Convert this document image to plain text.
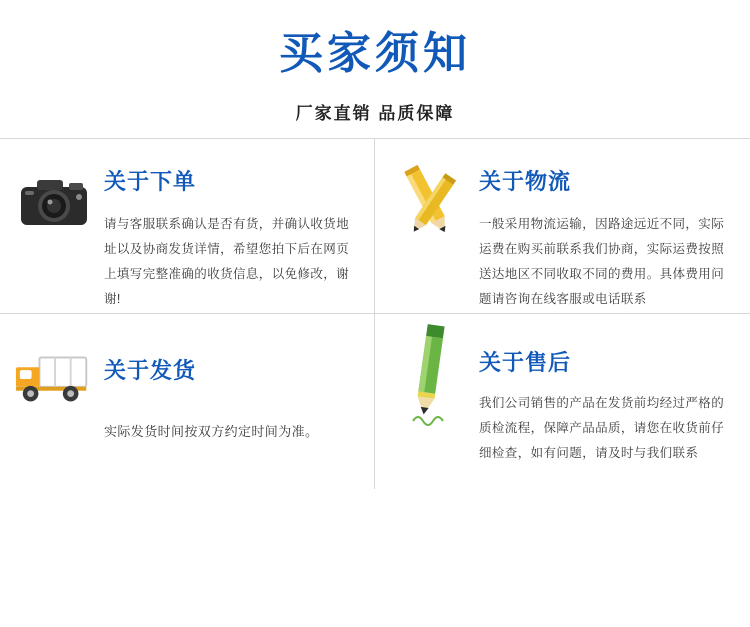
买家须知
厂家直销 品质保障
关于下单
请与客服联系确认是否有货，并确认收货地址以及协商发货详情，希望您拍下后在网页上填写完整准确的收货信息，以免修改，谢谢!
关于物流
一般采用物流运输，因路途远近不同，实际运费在购买前联系我们协商，实际运费按照送达地区不同收取不同的费用。具体费用问题请咨询在线客服或电话联系
关于发货
实际发货时间按双方约定时间为准。
关于售后
我们公司销售的产品在发货前均经过严格的质检流程，保障产品品质，请您在收货前仔细检查，如有问题，请及时与我们联系
